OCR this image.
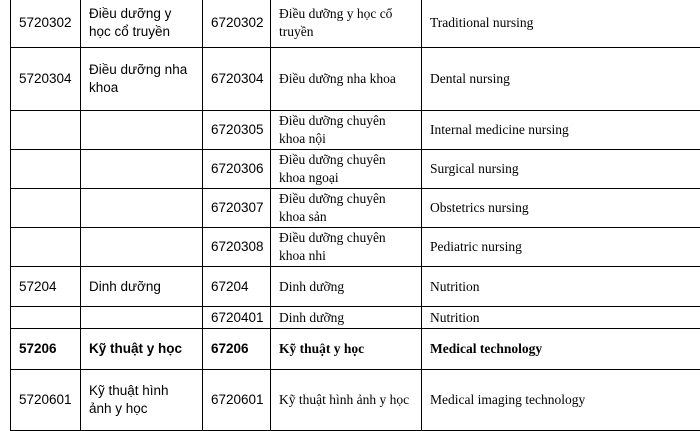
5720302	Điều dưỡng y học cổ truyền	6720302	Điều dưỡng y học cổ truyền	Traditional nursing
5720304	Điều dưỡng nha khoa	6720304	Điều dưỡng nha khoa	Dental nursing
		6720305	Điều dưỡng chuyên khoa nội	Internal medicine nursing
		6720306	Điều dưỡng chuyên khoa ngoại	Surgical nursing
		6720307	Điều dưỡng chuyên khoa sản	Obstetrics nursing
		6720308	Điều dưỡng chuyên khoa nhi	Pediatric nursing
57204	Dinh dưỡng	67204	Dinh dưỡng	Nutrition
		6720401	Dinh dưỡng	Nutrition
57206	Kỹ thuật y học	67206	Kỹ thuật y học	Medical technology
5720601	Kỹ thuật hình ảnh y học	6720601	Kỹ thuật hình ảnh y học	Medical imaging technology
